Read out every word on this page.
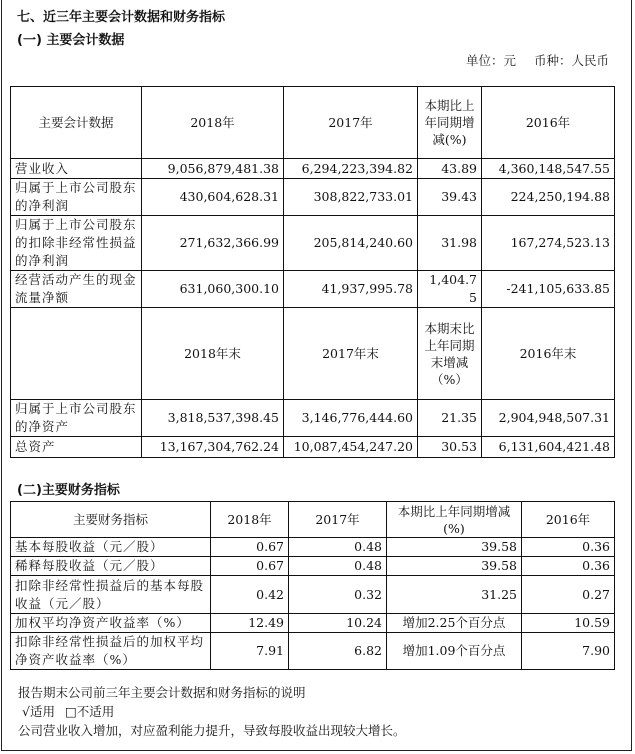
七、近三年主要会计数据和财务指标
(一) 主要会计数据
单位：元 币种：人民币
主要会计数据	2018年	2017年	本期比上年同期增减(%)	2016年
营业收入	9,056,879,481.38	6,294,223,394.82	43.89	4,360,148,547.55
归属于上市公司股东的净利润	430,604,628.31	308,822,733.01	39.43	224,250,194.88
归属于上市公司股东的扣除非经常性损益的净利润	271,632,366.99	205,814,240.60	31.98	167,274,523.13
经营活动产生的现金流量净额	631,060,300.10	41,937,995.78	1,404.75	-241,105,633.85
	2018年末	2017年末	本期末比上年同期末增减（%）	2016年末
归属于上市公司股东的净资产	3,818,537,398.45	3,146,776,444.60	21.35	2,904,948,507.31
总资产	13,167,304,762.24	10,087,454,247.20	30.53	6,131,604,421.48
(二)主要财务指标
主要财务指标	2018年	2017年	本期比上年同期增减(%)	2016年
基本每股收益（元／股）	0.67	0.48	39.58	0.36
稀释每股收益（元／股）	0.67	0.48	39.58	0.36
扣除非经常性损益后的基本每股收益（元／股）	0.42	0.32	31.25	0.27
加权平均净资产收益率（%）	12.49	10.24	增加2.25个百分点	10.59
扣除非经常性损益后的加权平均净资产收益率（%）	7.91	6.82	增加1.09个百分点	7.90
报告期末公司前三年主要会计数据和财务指标的说明
√适用 □不适用
公司营业收入增加，对应盈利能力提升，导致每股收益出现较大增长。
